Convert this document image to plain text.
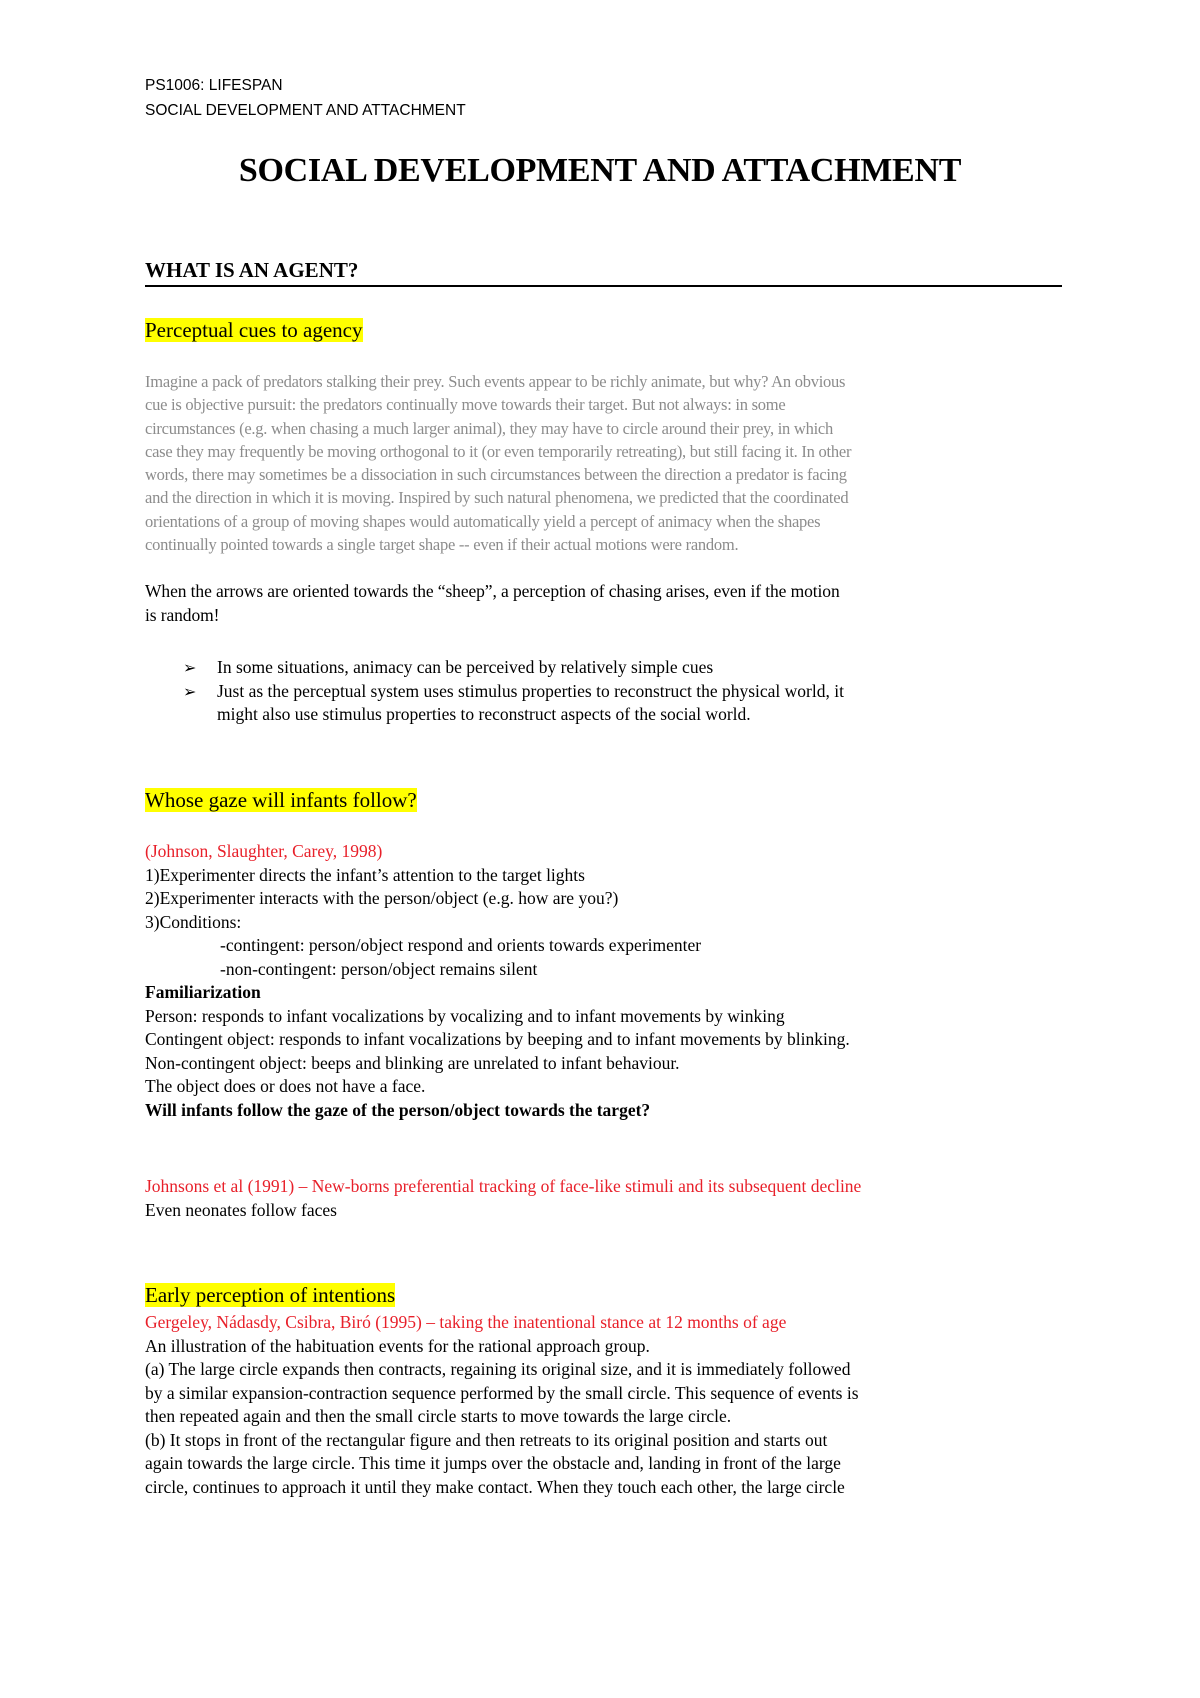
PS1006: LIFESPAN
SOCIAL DEVELOPMENT AND ATTACHMENT
SOCIAL DEVELOPMENT AND ATTACHMENT
WHAT IS AN AGENT?
Perceptual cues to agency
Imagine a pack of predators stalking their prey. Such events appear to be richly animate, but why? An obvious
cue is objective pursuit: the predators continually move towards their target. But not always: in some
circumstances (e.g. when chasing a much larger animal), they may have to circle around their prey, in which
case they may frequently be moving orthogonal to it (or even temporarily retreating), but still facing it. In other
words, there may sometimes be a dissociation in such circumstances between the direction a predator is facing
and the direction in which it is moving. Inspired by such natural phenomena, we predicted that the coordinated
orientations of a group of moving shapes would automatically yield a percept of animacy when the shapes
continually pointed towards a single target shape -- even if their actual motions were random.
When the arrows are oriented towards the “sheep”, a perception of chasing arises, even if the motion
is random!
➢ In some situations, animacy can be perceived by relatively simple cues
➢ Just as the perceptual system uses stimulus properties to reconstruct the physical world, it
might also use stimulus properties to reconstruct aspects of the social world.
Whose gaze will infants follow?
(Johnson, Slaughter, Carey, 1998)
1)Experimenter directs the infant’s attention to the target lights
2)Experimenter interacts with the person/object (e.g. how are you?)
3)Conditions:
-contingent: person/object respond and orients towards experimenter
-non-contingent: person/object remains silent
Familiarization
Person: responds to infant vocalizations by vocalizing and to infant movements by winking
Contingent object: responds to infant vocalizations by beeping and to infant movements by blinking.
Non-contingent object: beeps and blinking are unrelated to infant behaviour.
The object does or does not have a face.
Will infants follow the gaze of the person/object towards the target?
Johnsons et al (1991) – New-borns preferential tracking of face-like stimuli and its subsequent decline
Even neonates follow faces
Early perception of intentions
Gergeley, Nádasdy, Csibra, Biró (1995) – taking the inatentional stance at 12 months of age
An illustration of the habituation events for the rational approach group.
(a) The large circle expands then contracts, regaining its original size, and it is immediately followed
by a similar expansion-contraction sequence performed by the small circle. This sequence of events is
then repeated again and then the small circle starts to move towards the large circle.
(b) It stops in front of the rectangular figure and then retreats to its original position and starts out
again towards the large circle. This time it jumps over the obstacle and, landing in front of the large
circle, continues to approach it until they make contact. When they touch each other, the large circle
